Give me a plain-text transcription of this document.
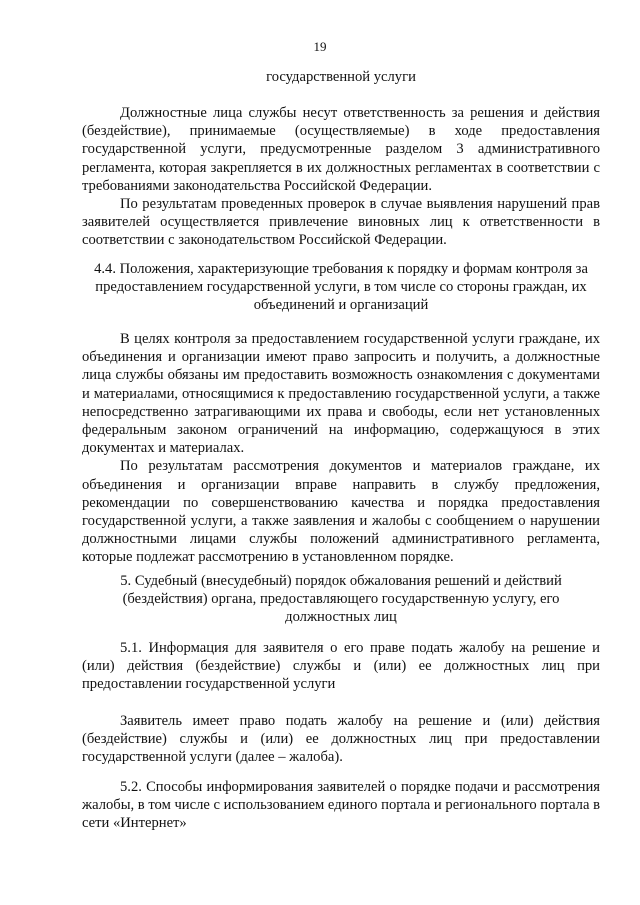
19

государственной услуги

Должностные лица службы несут ответственность за решения и действия (бездействие), принимаемые (осуществляемые) в ходе предоставления государственной услуги, предусмотренные разделом 3 административного регламента, которая закрепляется в их должностных регламентах в соответствии с требованиями законодательства Российской Федерации.

По результатам проведенных проверок в случае выявления нарушений прав заявителей осуществляется привлечение виновных лиц к ответственности в соответствии с законодательством Российской Федерации.

4.4. Положения, характеризующие требования к порядку и формам контроля за предоставлением государственной услуги, в том числе со стороны граждан, их объединений и организаций

В целях контроля за предоставлением государственной услуги граждане, их объединения и организации имеют право запросить и получить, а должностные лица службы обязаны им предоставить возможность ознакомления с документами и материалами, относящимися к предоставлению государственной услуги, а также непосредственно затрагивающими их права и свободы, если нет установленных федеральным законом ограничений на информацию, содержащуюся в этих документах и материалах.

По результатам рассмотрения документов и материалов граждане, их объединения и организации вправе направить в службу предложения, рекомендации по совершенствованию качества и порядка предоставления государственной услуги, а также заявления и жалобы с сообщением о нарушении должностными лицами службы положений административного регламента, которые подлежат рассмотрению в установленном порядке.

5. Судебный (внесудебный) порядок обжалования решений и действий (бездействия) органа, предоставляющего государственную услугу, его должностных лиц

5.1. Информация для заявителя о его праве подать жалобу на решение и (или) действия (бездействие) службы и (или) ее должностных лиц при предоставлении государственной услуги

Заявитель имеет право подать жалобу на решение и (или) действия (бездействие) службы и (или) ее должностных лиц при предоставлении государственной услуги (далее – жалоба).

5.2. Способы информирования заявителей о порядке подачи и рассмотрения жалобы, в том числе с использованием единого портала и регионального портала в сети «Интернет»
